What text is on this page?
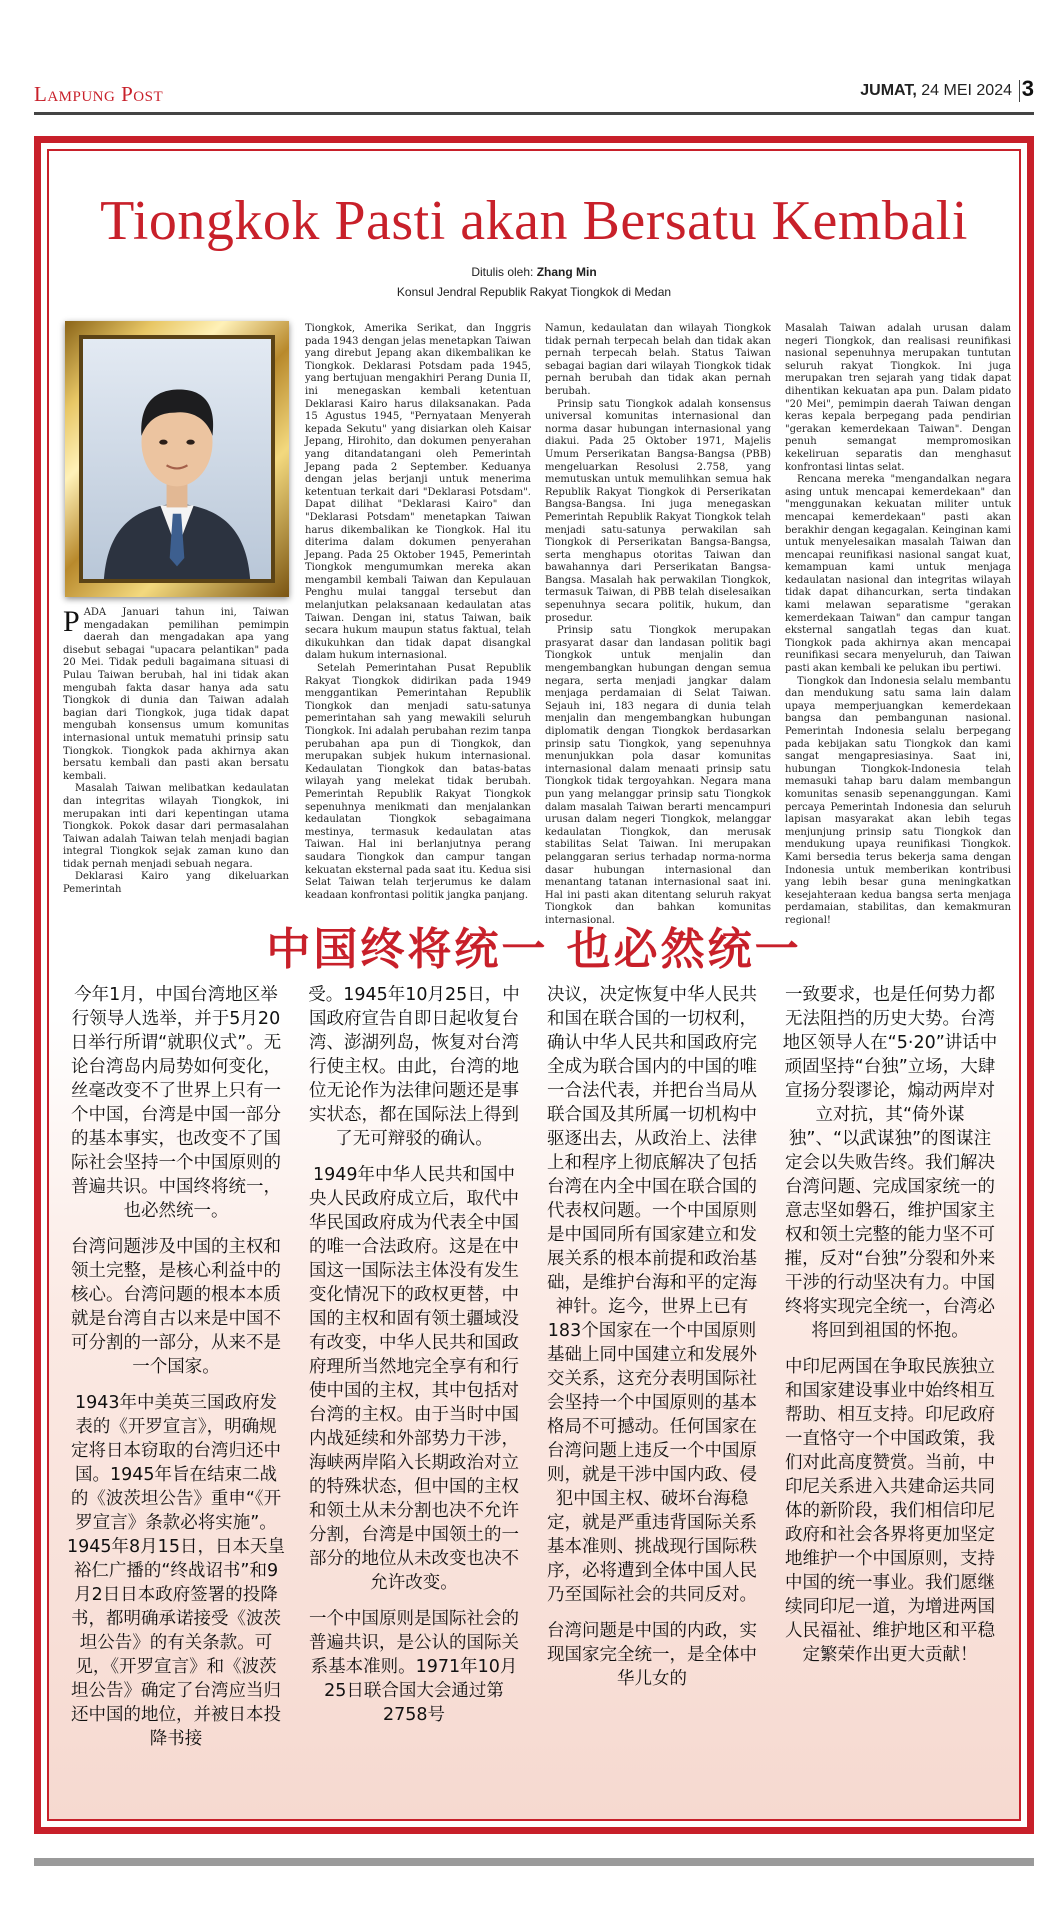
Lampung Post	JUMAT, 24 MEI 2024 3
Tiongkok Pasti akan Bersatu Kembali
Ditulis oleh: Zhang Min
Konsul Jendral Republik Rakyat Tiongkok di Medan

PADA Januari tahun ini, Taiwan mengadakan pemilihan pemimpin daerah dan mengadakan apa yang disebut sebagai "upacara pelantikan" pada 20 Mei. Tidak peduli bagaimana situasi di Pulau Taiwan berubah, hal ini tidak akan mengubah fakta dasar hanya ada satu Tiongkok di dunia dan Taiwan adalah bagian dari Tiongkok, juga tidak dapat mengubah konsensus umum komunitas internasional untuk mematuhi prinsip satu Tiongkok. Tiongkok pada akhirnya akan bersatu kembali dan pasti akan bersatu kembali.

Masalah Taiwan melibatkan kedaulatan dan integritas wilayah Tiongkok, ini merupakan inti dari kepentingan utama Tiongkok. Pokok dasar dari permasalahan Taiwan adalah Taiwan telah menjadi bagian integral Tiongkok sejak zaman kuno dan tidak pernah menjadi sebuah negara.

Deklarasi Kairo yang dikeluarkan Pemerintah

Tiongkok, Amerika Serikat, dan Inggris pada 1943 dengan jelas menetapkan Taiwan yang direbut Jepang akan dikembalikan ke Tiongkok. Deklarasi Potsdam pada 1945, yang bertujuan mengakhiri Perang Dunia II, ini menegaskan kembali ketentuan Deklarasi Kairo harus dilaksanakan. Pada 15 Agustus 1945, "Pernyataan Menyerah kepada Sekutu" yang disiarkan oleh Kaisar Jepang, Hirohito, dan dokumen penyerahan yang ditandatangani oleh Pemerintah Jepang pada 2 September. Keduanya dengan jelas berjanji untuk menerima ketentuan terkait dari "Deklarasi Potsdam". Dapat dilihat "Deklarasi Kairo" dan "Deklarasi Potsdam" menetapkan Taiwan harus dikembalikan ke Tiongkok. Hal itu diterima dalam dokumen penyerahan Jepang. Pada 25 Oktober 1945, Pemerintah Tiongkok mengumumkan mereka akan mengambil kembali Taiwan dan Kepulauan Penghu mulai tanggal tersebut dan melanjutkan pelaksanaan kedaulatan atas Taiwan. Dengan ini, status Taiwan, baik secara hukum maupun status faktual, telah dikukuhkan dan tidak dapat disangkal dalam hukum internasional.

Setelah Pemerintahan Pusat Republik Rakyat Tiongkok didirikan pada 1949 menggantikan Pemerintahan Republik Tiongkok dan menjadi satu-satunya pemerintahan sah yang mewakili seluruh Tiongkok. Ini adalah perubahan rezim tanpa perubahan apa pun di Tiongkok, dan merupakan subjek hukum internasional. Kedaulatan Tiongkok dan batas-batas wilayah yang melekat tidak berubah. Pemerintah Republik Rakyat Tiongkok sepenuhnya menikmati dan menjalankan kedaulatan Tiongkok sebagaimana mestinya, termasuk kedaulatan atas Taiwan. Hal ini berlanjutnya perang saudara Tiongkok dan campur tangan kekuatan eksternal pada saat itu. Kedua sisi Selat Taiwan telah terjerumus ke dalam keadaan konfrontasi politik jangka panjang.

Namun, kedaulatan dan wilayah Tiongkok tidak pernah terpecah belah dan tidak akan pernah terpecah belah. Status Taiwan sebagai bagian dari wilayah Tiongkok tidak pernah berubah dan tidak akan pernah berubah.

Prinsip satu Tiongkok adalah konsensus universal komunitas internasional dan norma dasar hubungan internasional yang diakui. Pada 25 Oktober 1971, Majelis Umum Perserikatan Bangsa-Bangsa (PBB) mengeluarkan Resolusi 2.758, yang memutuskan untuk memulihkan semua hak Republik Rakyat Tiongkok di Perserikatan Bangsa-Bangsa. Ini juga menegaskan Pemerintah Republik Rakyat Tiongkok telah menjadi satu-satunya perwakilan sah Tiongkok di Perserikatan Bangsa-Bangsa, serta menghapus otoritas Taiwan dan bawahannya dari Perserikatan Bangsa-Bangsa. Masalah hak perwakilan Tiongkok, termasuk Taiwan, di PBB telah diselesaikan sepenuhnya secara politik, hukum, dan prosedur.

Prinsip satu Tiongkok merupakan prasyarat dasar dan landasan politik bagi Tiongkok untuk menjalin dan mengembangkan hubungan dengan semua negara, serta menjadi jangkar dalam menjaga perdamaian di Selat Taiwan. Sejauh ini, 183 negara di dunia telah menjalin dan mengembangkan hubungan diplomatik dengan Tiongkok berdasarkan prinsip satu Tiongkok, yang sepenuhnya menunjukkan pola dasar komunitas internasional dalam menaati prinsip satu Tiongkok tidak tergoyahkan. Negara mana pun yang melanggar prinsip satu Tiongkok dalam masalah Taiwan berarti mencampuri urusan dalam negeri Tiongkok, melanggar kedaulatan Tiongkok, dan merusak stabilitas Selat Taiwan. Ini merupakan pelanggaran serius terhadap norma-norma dasar hubungan internasional dan menantang tatanan internasional saat ini. Hal ini pasti akan ditentang seluruh rakyat Tiongkok dan bahkan komunitas internasional.

Masalah Taiwan adalah urusan dalam negeri Tiongkok, dan realisasi reunifikasi nasional sepenuhnya merupakan tuntutan seluruh rakyat Tiongkok. Ini juga merupakan tren sejarah yang tidak dapat dihentikan kekuatan apa pun. Dalam pidato "20 Mei", pemimpin daerah Taiwan dengan keras kepala berpegang pada pendirian "gerakan kemerdekaan Taiwan". Dengan penuh semangat mempromosikan kekeliruan separatis dan menghasut konfrontasi lintas selat.

Rencana mereka "mengandalkan negara asing untuk mencapai kemerdekaan" dan "menggunakan kekuatan militer untuk mencapai kemerdekaan" pasti akan berakhir dengan kegagalan. Keinginan kami untuk menyelesaikan masalah Taiwan dan mencapai reunifikasi nasional sangat kuat, kemampuan kami untuk menjaga kedaulatan nasional dan integritas wilayah tidak dapat dihancurkan, serta tindakan kami melawan separatisme "gerakan kemerdekaan Taiwan" dan campur tangan eksternal sangatlah tegas dan kuat. Tiongkok pada akhirnya akan mencapai reunifikasi secara menyeluruh, dan Taiwan pasti akan kembali ke pelukan ibu pertiwi.

Tiongkok dan Indonesia selalu membantu dan mendukung satu sama lain dalam upaya memperjuangkan kemerdekaan bangsa dan pembangunan nasional. Pemerintah Indonesia selalu berpegang pada kebijakan satu Tiongkok dan kami sangat mengapresiasinya. Saat ini, hubungan Tiongkok-Indonesia telah memasuki tahap baru dalam membangun komunitas senasib sepenanggungan. Kami percaya Pemerintah Indonesia dan seluruh lapisan masyarakat akan lebih tegas menjunjung prinsip satu Tiongkok dan mendukung upaya reunifikasi Tiongkok. Kami bersedia terus bekerja sama dengan Indonesia untuk memberikan kontribusi yang lebih besar guna meningkatkan kesejahteraan kedua bangsa serta menjaga perdamaian, stabilitas, dan kemakmuran regional!

中国终将统一 也必然统一

今年1月，中国台湾地区举行领导人选举，并于5月20日举行所谓“就职仪式”。无论台湾岛内局势如何变化，丝毫改变不了世界上只有一个中国，台湾是中国一部分的基本事实，也改变不了国际社会坚持一个中国原则的普遍共识。中国终将统一，也必然统一。

台湾问题涉及中国的主权和领土完整，是核心利益中的核心。台湾问题的根本本质就是台湾自古以来是中国不可分割的一部分，从来不是一个国家。

1943年中美英三国政府发表的《开罗宣言》，明确规定将日本窃取的台湾归还中国。1945年旨在结束二战的《波茨坦公告》重申“《开罗宣言》条款必将实施”。1945年8月15日，日本天皇裕仁广播的“终战诏书”和9月2日日本政府签署的投降书，都明确承诺接受《波茨坦公告》的有关条款。可见，《开罗宣言》和《波茨坦公告》确定了台湾应当归还中国的地位，并被日本投降书接

受。1945年10月25日，中国政府宣告自即日起收复台湾、澎湖列岛，恢复对台湾行使主权。由此，台湾的地位无论作为法律问题还是事实状态，都在国际法上得到了无可辩驳的确认。

1949年中华人民共和国中央人民政府成立后，取代中华民国政府成为代表全中国的唯一合法政府。这是在中国这一国际法主体没有发生变化情况下的政权更替，中国的主权和固有领土疆域没有改变，中华人民共和国政府理所当然地完全享有和行使中国的主权，其中包括对台湾的主权。由于当时中国内战延续和外部势力干涉，海峡两岸陷入长期政治对立的特殊状态，但中国的主权和领土从未分割也决不允许分割，台湾是中国领土的一部分的地位从未改变也决不允许改变。

一个中国原则是国际社会的普遍共识，是公认的国际关系基本准则。1971年10月25日联合国大会通过第2758号

决议，决定恢复中华人民共和国在联合国的一切权利，确认中华人民共和国政府完全成为联合国内的中国的唯一合法代表，并把台当局从联合国及其所属一切机构中驱逐出去，从政治上、法律上和程序上彻底解决了包括台湾在内全中国在联合国的代表权问题。一个中国原则是中国同所有国家建立和发展关系的根本前提和政治基础，是维护台海和平的定海神针。迄今，世界上已有183个国家在一个中国原则基础上同中国建立和发展外交关系，这充分表明国际社会坚持一个中国原则的基本格局不可撼动。任何国家在台湾问题上违反一个中国原则，就是干涉中国内政、侵犯中国主权、破坏台海稳定，就是严重违背国际关系基本准则、挑战现行国际秩序，必将遭到全体中国人民乃至国际社会的共同反对。

台湾问题是中国的内政，实现国家完全统一，是全体中华儿女的

一致要求，也是任何势力都无法阻挡的历史大势。台湾地区领导人在“5·20”讲话中顽固坚持“台独”立场，大肆宣扬分裂谬论，煽动两岸对立对抗，其“倚外谋独”、“以武谋独”的图谋注定会以失败告终。我们解决台湾问题、完成国家统一的意志坚如磐石，维护国家主权和领土完整的能力坚不可摧，反对“台独”分裂和外来干涉的行动坚决有力。中国终将实现完全统一，台湾必将回到祖国的怀抱。

中印尼两国在争取民族独立和国家建设事业中始终相互帮助、相互支持。印尼政府一直恪守一个中国政策，我们对此高度赞赏。当前，中印尼关系进入共建命运共同体的新阶段，我们相信印尼政府和社会各界将更加坚定地维护一个中国原则，支持中国的统一事业。我们愿继续同印尼一道，为增进两国人民福祉、维护地区和平稳定繁荣作出更大贡献！
